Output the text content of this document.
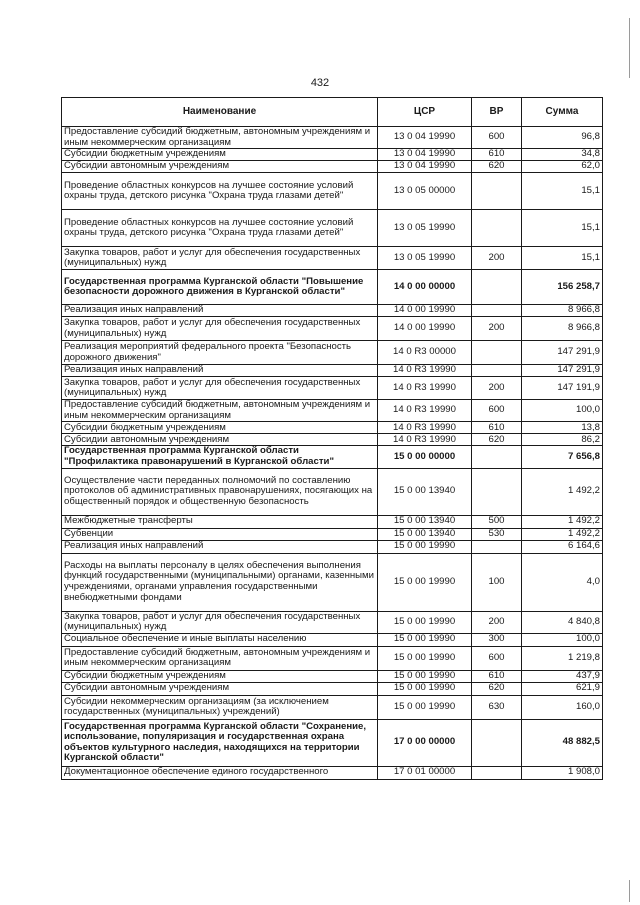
432
Наименование	ЦСР	ВР	Сумма
Предоставление субсидий бюджетным, автономным учреждениям и иным некоммерческим организациям	13 0 04 19990	600	96,8
Субсидии бюджетным учреждениям	13 0 04 19990	610	34,8
Субсидии автономным учреждениям	13 0 04 19990	620	62,0
Проведение областных конкурсов на лучшее состояние условий охраны труда, детского рисунка "Охрана труда глазами детей"	13 0 05 00000		15,1
Проведение областных конкурсов на лучшее состояние условий охраны труда, детского рисунка "Охрана труда глазами детей"	13 0 05 19990		15,1
Закупка товаров, работ и услуг для обеспечения государственных (муниципальных) нужд	13 0 05 19990	200	15,1
Государственная программа Курганской области "Повышение безопасности дорожного движения в Курганской области"	14 0 00 00000		156 258,7
Реализация иных направлений	14 0 00 19990		8 966,8
Закупка товаров, работ и услуг для обеспечения государственных (муниципальных) нужд	14 0 00 19990	200	8 966,8
Реализация мероприятий федерального проекта "Безопасность дорожного движения"	14 0 R3 00000		147 291,9
Реализация иных направлений	14 0 R3 19990		147 291,9
Закупка товаров, работ и услуг для обеспечения государственных (муниципальных) нужд	14 0 R3 19990	200	147 191,9
Предоставление субсидий бюджетным, автономным учреждениям и иным некоммерческим организациям	14 0 R3 19990	600	100,0
Субсидии бюджетным учреждениям	14 0 R3 19990	610	13,8
Субсидии автономным учреждениям	14 0 R3 19990	620	86,2
Государственная программа Курганской области "Профилактика правонарушений в Курганской области"	15 0 00 00000		7 656,8
Осуществление части переданных полномочий по составлению протоколов об административных правонарушениях, посягающих на общественный порядок и общественную безопасность	15 0 00 13940		1 492,2
Межбюджетные трансферты	15 0 00 13940	500	1 492,2
Субвенции	15 0 00 13940	530	1 492,2
Реализация иных направлений	15 0 00 19990		6 164,6
Расходы на выплаты персоналу в целях обеспечения выполнения функций государственными (муниципальными) органами, казенными учреждениями, органами управления государственными внебюджетными фондами	15 0 00 19990	100	4,0
Закупка товаров, работ и услуг для обеспечения государственных (муниципальных) нужд	15 0 00 19990	200	4 840,8
Социальное обеспечение и иные выплаты населению	15 0 00 19990	300	100,0
Предоставление субсидий бюджетным, автономным учреждениям и иным некоммерческим организациям	15 0 00 19990	600	1 219,8
Субсидии бюджетным учреждениям	15 0 00 19990	610	437,9
Субсидии автономным учреждениям	15 0 00 19990	620	621,9
Субсидии некоммерческим организациям (за исключением государственных (муниципальных) учреждений)	15 0 00 19990	630	160,0
Государственная программа Курганской области "Сохранение, использование, популяризация и государственная охрана объектов культурного наследия, находящихся на территории Курганской области"	17 0 00 00000		48 882,5
Документационное обеспечение единого государственного	17 0 01 00000		1 908,0
